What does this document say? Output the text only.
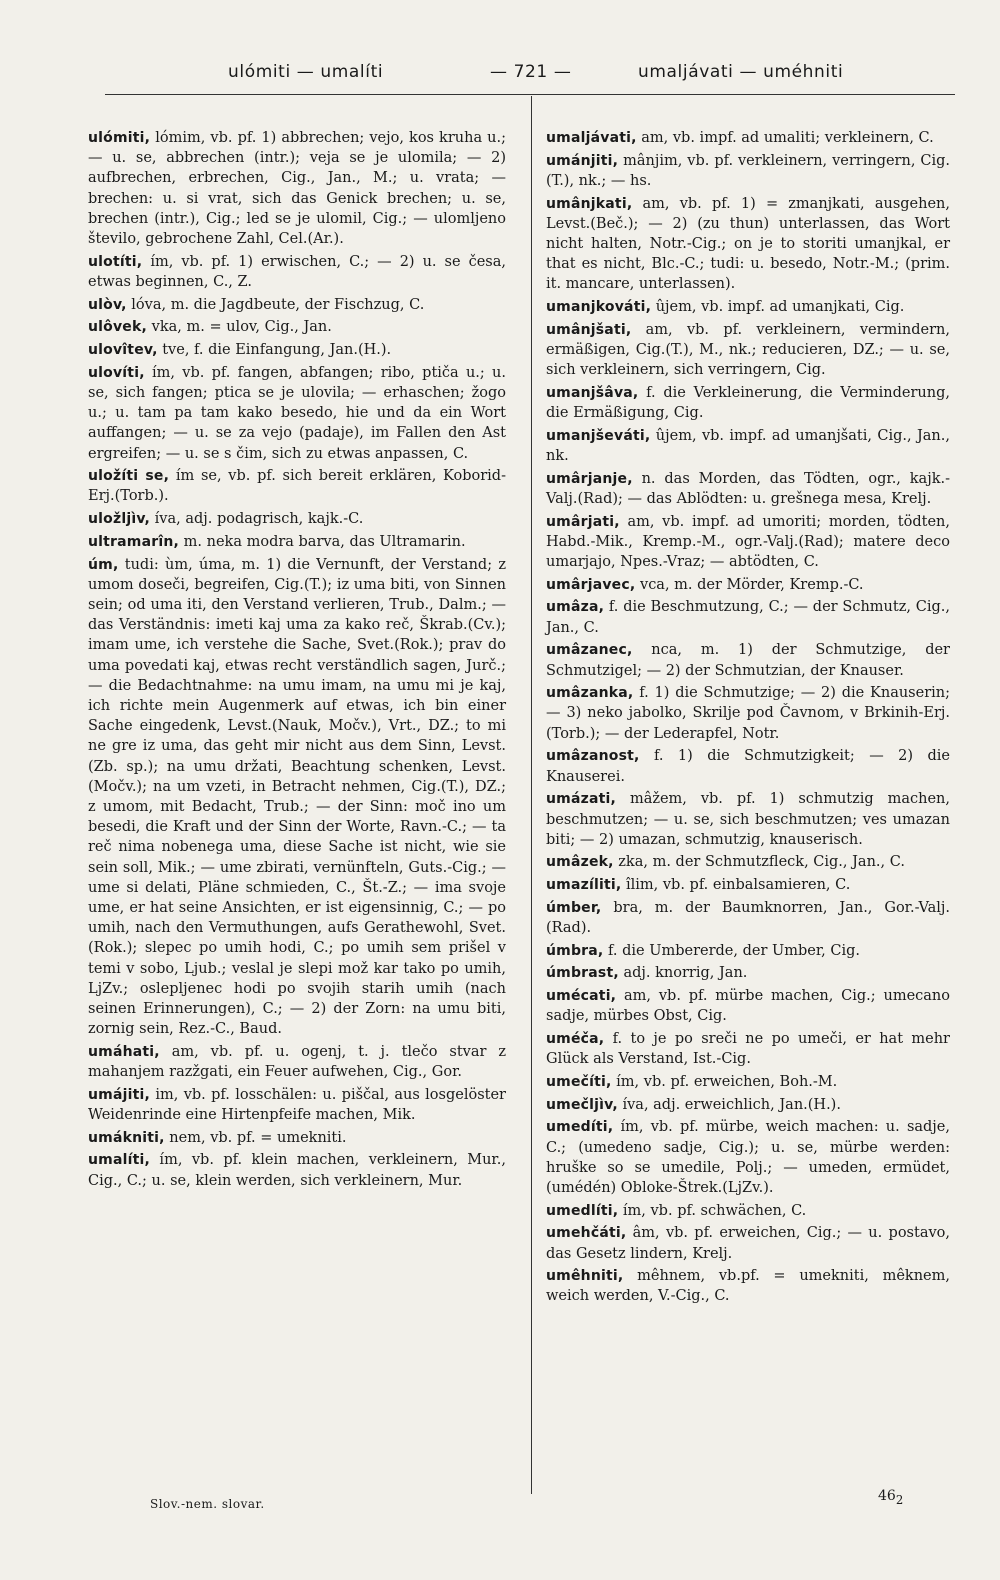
ulómiti — umalíti	— 721 —	umaljávati — uméhniti

ulómiti, lómim, vb. pf. 1) abbrechen; vejo, kos kruha u.; — u. se, abbrechen (intr.); veja se je ulomila; — 2) aufbrechen, erbrechen, Cig., Jan., M.; u. vrata; — brechen: u. si vrat, sich das Genick brechen; u. se, brechen (intr.), Cig.; led se je ulomil, Cig.; — ulomljeno število, gebrochene Zahl, Cel.(Ar.).

ulotíti, ím, vb. pf. 1) erwischen, C.; — 2) u. se česa, etwas beginnen, C., Z.

ulòv, lóva, m. die Jagdbeute, der Fischzug, C.

ulôvek, vka, m. = ulov, Cig., Jan.

ulovîtev, tve, f. die Einfangung, Jan.(H.).

ulovíti, ím, vb. pf. fangen, abfangen; ribo, ptiča u.; u. se, sich fangen; ptica se je ulovila; — erhaschen; žogo u.; u. tam pa tam kako besedo, hie und da ein Wort auffangen; — u. se za vejo (padaje), im Fallen den Ast ergreifen; — u. se s čim, sich zu etwas anpassen, C.

uložíti se, ím se, vb. pf. sich bereit erklären, Koborid-Erj.(Torb.).

uložljìv, íva, adj. podagrisch, kajk.-C.

ultramarîn, m. neka modra barva, das Ultramarin.

úm, tudi: ùm, úma, m. 1) die Vernunft, der Verstand; z umom doseči, begreifen, Cig.(T.); iz uma biti, von Sinnen sein; od uma iti, den Verstand verlieren, Trub., Dalm.; — das Verständnis: imeti kaj uma za kako reč, Škrab.(Cv.); imam ume, ich verstehe die Sache, Svet.(Rok.); prav do uma povedati kaj, etwas recht verständlich sagen, Jurč.; — die Bedachtnahme: na umu imam, na umu mi je kaj, ich richte mein Augenmerk auf etwas, ich bin einer Sache eingedenk, Levst.(Nauk, Močv.), Vrt., DZ.; to mi ne gre iz uma, das geht mir nicht aus dem Sinn, Levst.(Zb. sp.); na umu držati, Beachtung schenken, Levst.(Močv.); na um vzeti, in Betracht nehmen, Cig.(T.), DZ.; z umom, mit Bedacht, Trub.; — der Sinn: moč ino um besedi, die Kraft und der Sinn der Worte, Ravn.-C.; — ta reč nima nobenega uma, diese Sache ist nicht, wie sie sein soll, Mik.; — ume zbirati, vernünfteln, Guts.-Cig.; — ume si delati, Pläne schmieden, C., Št.-Z.; — ima svoje ume, er hat seine Ansichten, er ist eigensinnig, C.; — po umih, nach den Vermuthungen, aufs Gerathewohl, Svet.(Rok.); slepec po umih hodi, C.; po umih sem prišel v temi v sobo, Ljub.; veslal je slepi mož kar tako po umih, LjZv.; oslepljenec hodi po svojih starih umih (nach seinen Erinnerungen), C.; — 2) der Zorn: na umu biti, zornig sein, Rez.-C., Baud.

umáhati, am, vb. pf. u. ogenj, t. j. tlečo stvar z mahanjem razžgati, ein Feuer aufwehen, Cig., Gor.

umájiti, im, vb. pf. losschälen: u. piščal, aus losgelöster Weidenrinde eine Hirtenpfeife machen, Mik.

umákniti, nem, vb. pf. = umekniti.

umalíti, ím, vb. pf. klein machen, verkleinern, Mur., Cig., C.; u. se, klein werden, sich verkleinern, Mur.

umaljávati, am, vb. impf. ad umaliti; verkleinern, C.

umánjiti, mânjim, vb. pf. verkleinern, verringern, Cig.(T.), nk.; — hs.

umânjkati, am, vb. pf. 1) = zmanjkati, ausgehen, Levst.(Beč.); — 2) (zu thun) unterlassen, das Wort nicht halten, Notr.-Cig.; on je to storiti umanjkal, er that es nicht, Blc.-C.; tudi: u. besedo, Notr.-M.; (prim. it. mancare, unterlassen).

umanjkováti, ûjem, vb. impf. ad umanjkati, Cig.

umânjšati, am, vb. pf. verkleinern, vermindern, ermäßigen, Cig.(T.), M., nk.; reducieren, DZ.; — u. se, sich verkleinern, sich verringern, Cig.

umanjšâva, f. die Verkleinerung, die Verminderung, die Ermäßigung, Cig.

umanjševáti, ûjem, vb. impf. ad umanjšati, Cig., Jan., nk.

umârjanje, n. das Morden, das Tödten, ogr., kajk.-Valj.(Rad); — das Ablödten: u. grešnega mesa, Krelj.

umârjati, am, vb. impf. ad umoriti; morden, tödten, Habd.-Mik., Kremp.-M., ogr.-Valj.(Rad); matere deco umarjajo, Npes.-Vraz; — abtödten, C.

umârjavec, vca, m. der Mörder, Kremp.-C.

umâza, f. die Beschmutzung, C.; — der Schmutz, Cig., Jan., C.

umâzanec, nca, m. 1) der Schmutzige, der Schmutzigel; — 2) der Schmutzian, der Knauser.

umâzanka, f. 1) die Schmutzige; — 2) die Knauserin; — 3) neko jabolko, Skrilje pod Čavnom, v Brkinih-Erj.(Torb.); — der Lederapfel, Notr.

umâzanost, f. 1) die Schmutzigkeit; — 2) die Knauserei.

umázati, mâžem, vb. pf. 1) schmutzig machen, beschmutzen; — u. se, sich beschmutzen; ves umazan biti; — 2) umazan, schmutzig, knauserisch.

umâzek, zka, m. der Schmutzfleck, Cig., Jan., C.

umazíliti, îlim, vb. pf. einbalsamieren, C.

úmber, bra, m. der Baumknorren, Jan., Gor.-Valj.(Rad).

úmbra, f. die Umbererde, der Umber, Cig.

úmbrast, adj. knorrig, Jan.

umécati, am, vb. pf. mürbe machen, Cig.; umecano sadje, mürbes Obst, Cig.

uméča, f. to je po sreči ne po umeči, er hat mehr Glück als Verstand, Ist.-Cig.

umečíti, ím, vb. pf. erweichen, Boh.-M.

umečljìv, íva, adj. erweichlich, Jan.(H.).

umedíti, ím, vb. pf. mürbe, weich machen: u. sadje, C.; (umedeno sadje, Cig.); u. se, mürbe werden: hruške so se umedile, Polj.; — umeden, ermüdet, (umédén) Obloke-Štrek.(LjZv.).

umedlíti, ím, vb. pf. schwächen, C.

umehčáti, âm, vb. pf. erweichen, Cig.; — u. postavo, das Gesetz lindern, Krelj.

umêhniti, mêhnem, vb.pf. = umekniti, mêknem, weich werden, V.-Cig., C.

Slov.-nem. slovar.	$46_2$
